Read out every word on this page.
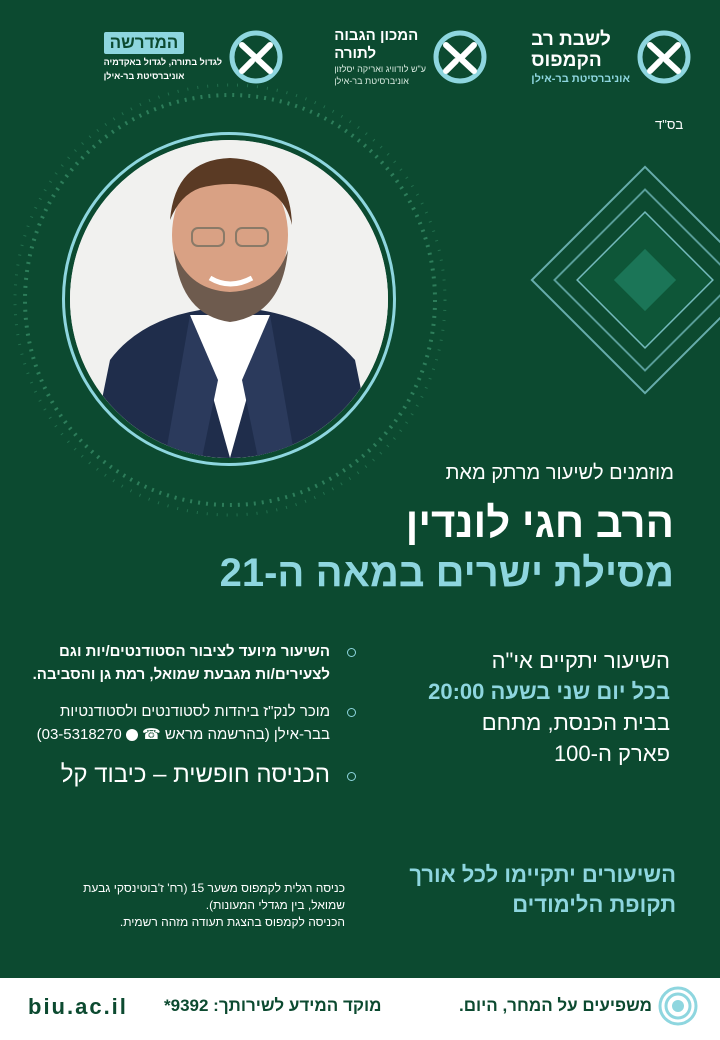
לשבת רב
הקמפוס
אוניברסיטת בר-אילן
המכון הגבוה
לתורה
ע"ש לודוויג ואריקה יסלזון
אוניברסיטת בר-אילן
המדרשה
לגדול בתורה, לגדול באקדמיה
אוניברסיטת בר-אילן
בס"ד
מוזמנים לשיעור מרתק מאת
הרב חגי לונדין
מסילת ישרים במאה ה-21
השיעור יתקיים אי"ה
בכל יום שני בשעה 20:00
בבית הכנסת, מתחם
פארק ה-100
השיעור מיועד לציבור הסטודנטים/יות וגם לצעירים/ות מגבעת שמואל, רמת גן והסביבה.
מוכר לנק"ז ביהדות לסטודנטים ולסטודנטיות בבר-אילן (בהרשמה מראש ☎  03-5318270)
הכניסה חופשית – כיבוד קל
השיעורים יתקיימו לכל אורך תקופת הלימודים
כניסה רגלית לקמפוס משער 15 (רח' ז'בוטינסקי גבעת
שמואל, בין מגדלי המעונות).
הכניסה לקמפוס בהצגת תעודה מזהה רשמית.
biu.ac.il מוקד המידע לשירותך: 9392*	משפיעים על המחר, היום.
